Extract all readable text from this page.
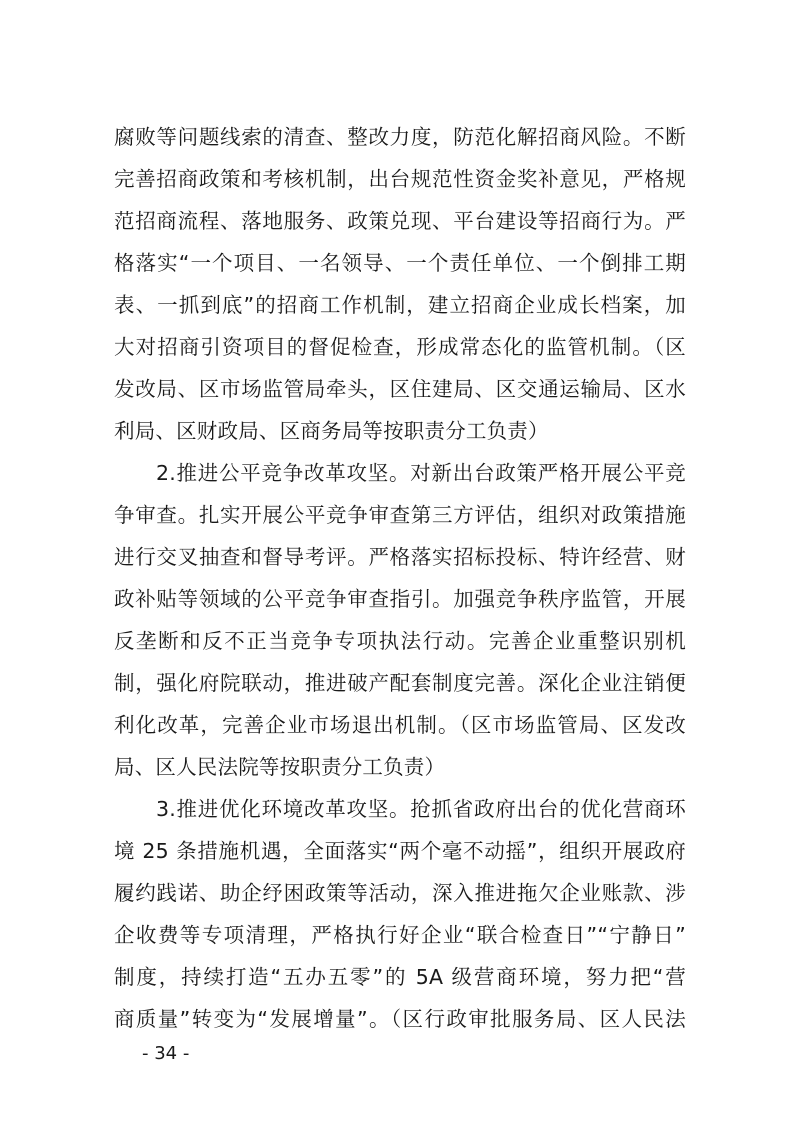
腐败等问题线索的清查、整改力度，防范化解招商风险。不断
完善招商政策和考核机制，出台规范性资金奖补意见，严格规
范招商流程、落地服务、政策兑现、平台建设等招商行为。严
格落实“一个项目、一名领导、一个责任单位、一个倒排工期
表、一抓到底”的招商工作机制，建立招商企业成长档案，加
大对招商引资项目的督促检查，形成常态化的监管机制。（区
发改局、区市场监管局牵头，区住建局、区交通运输局、区水
利局、区财政局、区商务局等按职责分工负责）
2.推进公平竞争改革攻坚。对新出台政策严格开展公平竞
争审查。扎实开展公平竞争审查第三方评估，组织对政策措施
进行交叉抽查和督导考评。严格落实招标投标、特许经营、财
政补贴等领域的公平竞争审查指引。加强竞争秩序监管，开展
反垄断和反不正当竞争专项执法行动。完善企业重整识别机
制，强化府院联动，推进破产配套制度完善。深化企业注销便
利化改革，完善企业市场退出机制。（区市场监管局、区发改
局、区人民法院等按职责分工负责）
3.推进优化环境改革攻坚。抢抓省政府出台的优化营商环
境 25 条措施机遇，全面落实“两个毫不动摇”，组织开展政府
履约践诺、助企纾困政策等活动，深入推进拖欠企业账款、涉
企收费等专项清理，严格执行好企业“联合检查日”“宁静日”
制度，持续打造“五办五零”的 5A 级营商环境，努力把“营
商质量”转变为“发展增量”。（区行政审批服务局、区人民法
- 34 -
